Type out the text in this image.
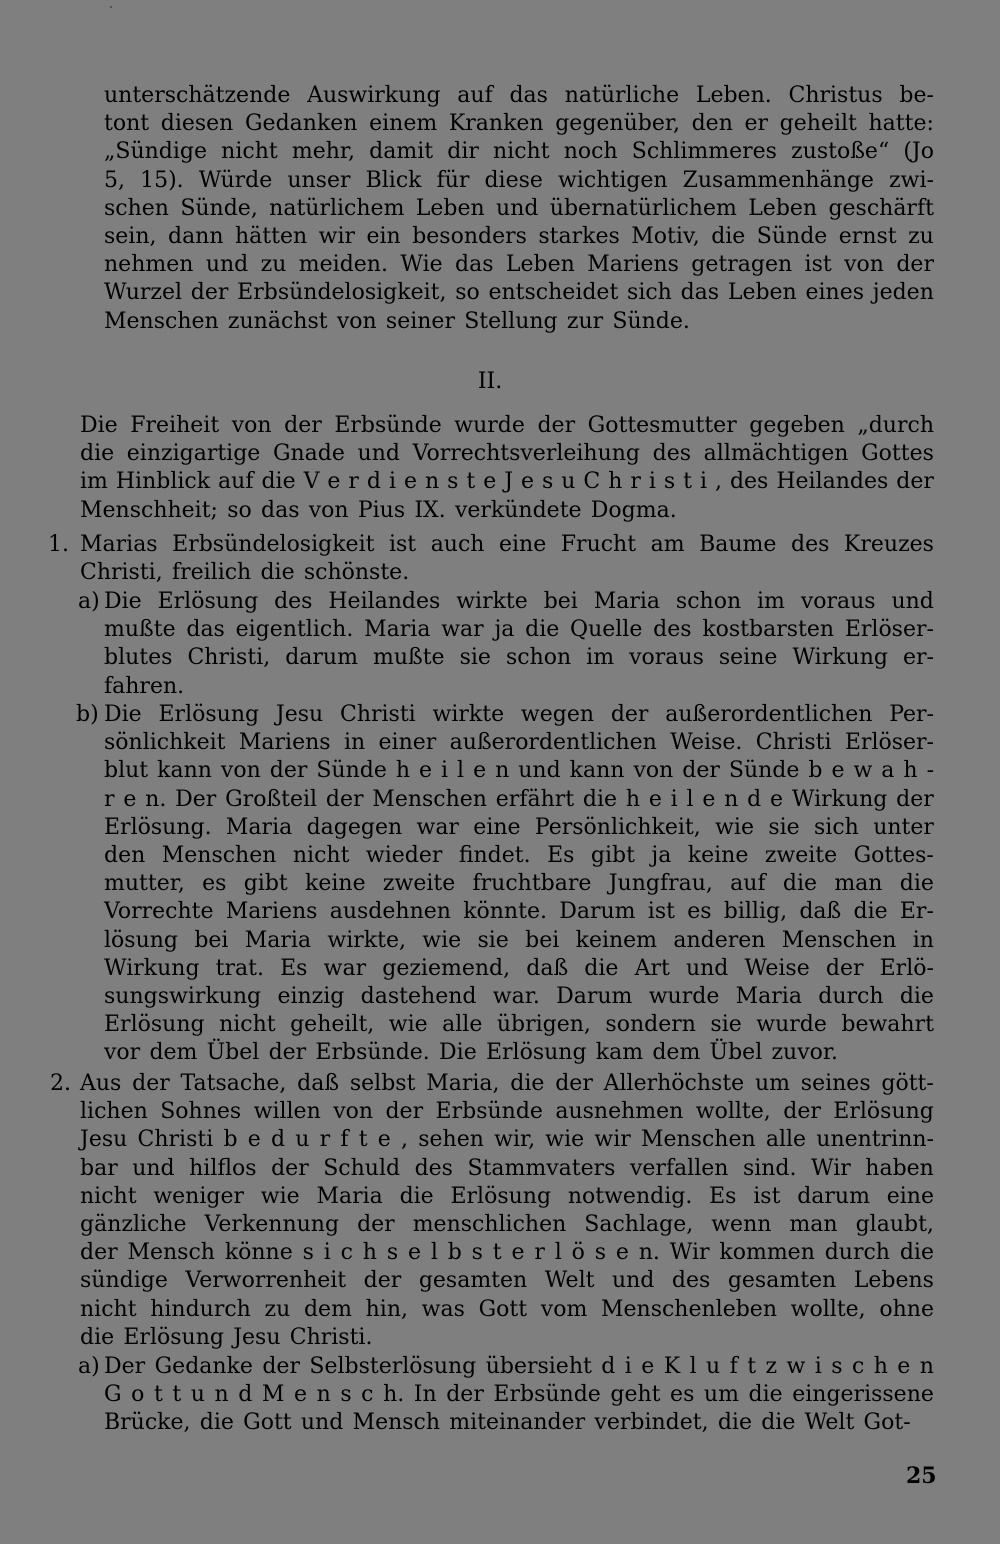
unterschätzende Auswirkung auf das natürliche Leben. Christus be-
tont diesen Gedanken einem Kranken gegenüber, den er geheilt hatte:
„Sündige nicht mehr, damit dir nicht noch Schlimmeres zustoße“ (Jo
5, 15). Würde unser Blick für diese wichtigen Zusammenhänge zwi-
schen Sünde, natürlichem Leben und übernatürlichem Leben geschärft
sein, dann hätten wir ein besonders starkes Motiv, die Sünde ernst zu
nehmen und zu meiden. Wie das Leben Mariens getragen ist von der
Wurzel der Erbsündelosigkeit, so entscheidet sich das Leben eines jeden
Menschen zunächst von seiner Stellung zur Sünde.
Die Freiheit von der Erbsünde wurde der Gottesmutter gegeben „durch
die einzigartige Gnade und Vorrechtsverleihung des allmächtigen Gottes
im Hinblick auf die V e r d i e n s t e J e s u C h r i s t i , des Heilandes der
Menschheit; so das von Pius IX. verkündete Dogma.
1. Marias Erbsündelosigkeit ist auch eine Frucht am Baume des Kreuzes
Christi, freilich die schönste.
a) Die Erlösung des Heilandes wirkte bei Maria schon im voraus und
mußte das eigentlich. Maria war ja die Quelle des kostbarsten Erlöser-
blutes Christi, darum mußte sie schon im voraus seine Wirkung er-
fahren.
b) Die Erlösung Jesu Christi wirkte wegen der außerordentlichen Per-
sönlichkeit Mariens in einer außerordentlichen Weise. Christi Erlöser-
blut kann von der Sünde h e i l e n und kann von der Sünde b e w a h -
r e n. Der Großteil der Menschen erfährt die h e i l e n d e Wirkung der
Erlösung. Maria dagegen war eine Persönlichkeit, wie sie sich unter
den Menschen nicht wieder findet. Es gibt ja keine zweite Gottes-
mutter, es gibt keine zweite fruchtbare Jungfrau, auf die man die
Vorrechte Mariens ausdehnen könnte. Darum ist es billig, daß die Er-
lösung bei Maria wirkte, wie sie bei keinem anderen Menschen in
Wirkung trat. Es war geziemend, daß die Art und Weise der Erlö-
sungswirkung einzig dastehend war. Darum wurde Maria durch die
Erlösung nicht geheilt, wie alle übrigen, sondern sie wurde bewahrt
vor dem Übel der Erbsünde. Die Erlösung kam dem Übel zuvor.
2. Aus der Tatsache, daß selbst Maria, die der Allerhöchste um seines gött-
lichen Sohnes willen von der Erbsünde ausnehmen wollte, der Erlösung
Jesu Christi b e d u r f t e , sehen wir, wie wir Menschen alle unentrinn-
bar und hilflos der Schuld des Stammvaters verfallen sind. Wir haben
nicht weniger wie Maria die Erlösung notwendig. Es ist darum eine
gänzliche Verkennung der menschlichen Sachlage, wenn man glaubt,
der Mensch könne s i c h s e l b s t e r l ö s e n. Wir kommen durch die
sündige Verworrenheit der gesamten Welt und des gesamten Lebens
nicht hindurch zu dem hin, was Gott vom Menschenleben wollte, ohne
die Erlösung Jesu Christi.
a) Der Gedanke der Selbsterlösung übersieht d i e K l u f t z w i s c h e n
G o t t u n d M e n s c h. In der Erbsünde geht es um die eingerissene
Brücke, die Gott und Mensch miteinander verbindet, die die Welt Got-
II.
25
